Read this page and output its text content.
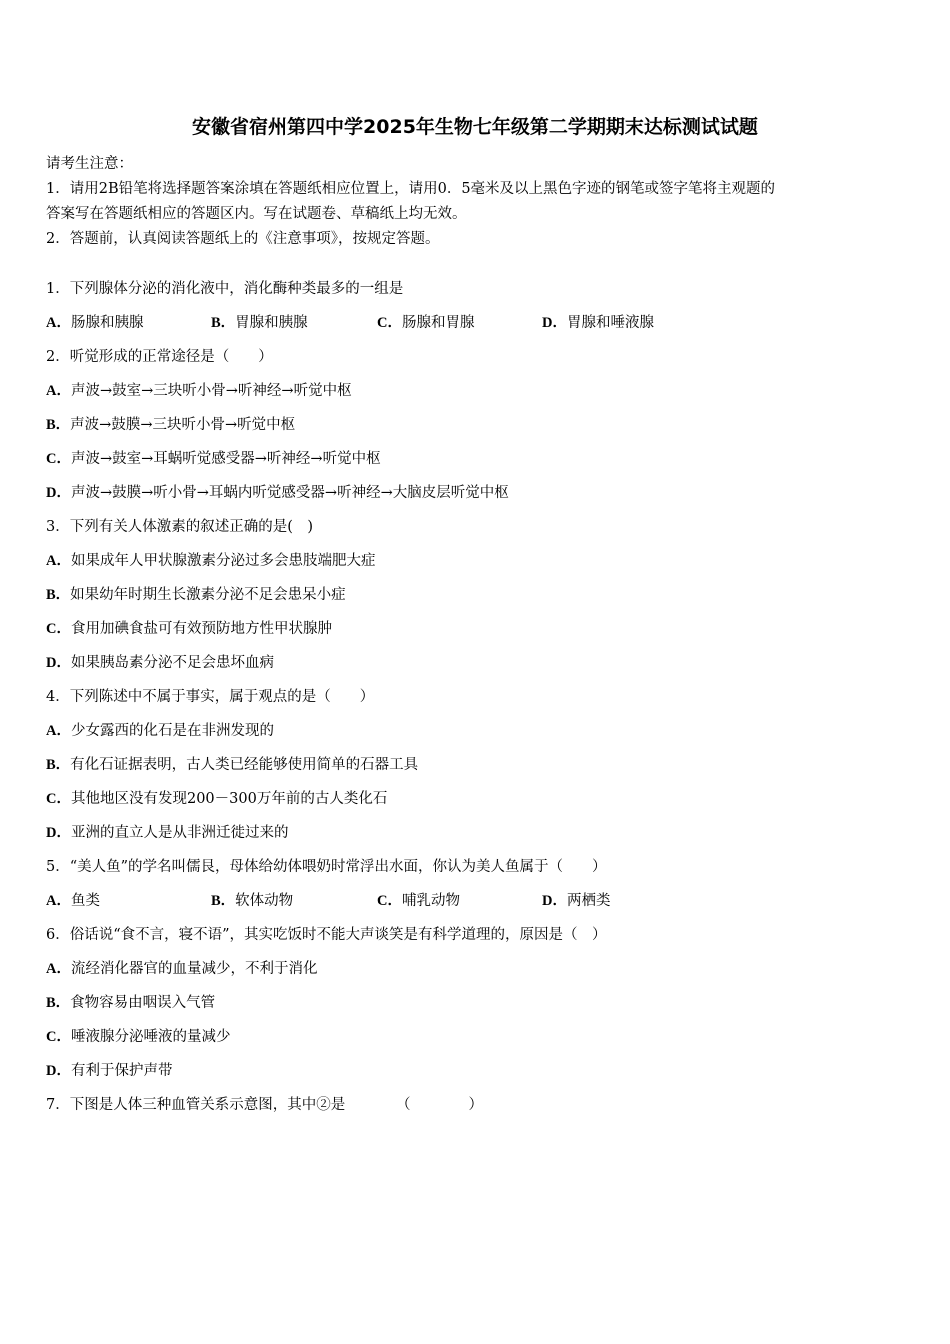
安徽省宿州第四中学2025年生物七年级第二学期期末达标测试试题
请考生注意：
1．请用2B铅笔将选择题答案涂填在答题纸相应位置上，请用0．5毫米及以上黑色字迹的钢笔或签字笔将主观题的
答案写在答题纸相应的答题区内。写在试题卷、草稿纸上均无效。
2．答题前，认真阅读答题纸上的《注意事项》，按规定答题。
1．下列腺体分泌的消化液中，消化酶种类最多的一组是
A．肠腺和胰腺	B．胃腺和胰腺	C．肠腺和胃腺	D．胃腺和唾液腺
2．听觉形成的正常途径是（　　）
A．声波→鼓室→三块听小骨→听神经→听觉中枢
B．声波→鼓膜→三块听小骨→听觉中枢
C．声波→鼓室→耳蜗听觉感受器→听神经→听觉中枢
D．声波→鼓膜→听小骨→耳蜗内听觉感受器→听神经→大脑皮层听觉中枢
3．下列有关人体激素的叙述正确的是(　)
A．如果成年人甲状腺激素分泌过多会患肢端肥大症
B．如果幼年时期生长激素分泌不足会患呆小症
C．食用加碘食盐可有效预防地方性甲状腺肿
D．如果胰岛素分泌不足会患坏血病
4．下列陈述中不属于事实，属于观点的是（　　）
A．少女露西的化石是在非洲发现的
B．有化石证据表明，古人类已经能够使用简单的石器工具
C．其他地区没有发现200－300万年前的古人类化石
D．亚洲的直立人是从非洲迁徙过来的
5．“美人鱼”的学名叫儒艮，母体给幼体喂奶时常浮出水面，你认为美人鱼属于（　　）
A．鱼类	B．软体动物	C．哺乳动物	D．两栖类
6．俗话说“食不言，寝不语”，其实吃饭时不能大声谈笑是有科学道理的，原因是（　）
A．流经消化器官的血量减少，不利于消化
B．食物容易由咽误入气管
C．唾液腺分泌唾液的量减少
D．有利于保护声带
7．下图是人体三种血管关系示意图，其中②是　　　　（　　　　）
